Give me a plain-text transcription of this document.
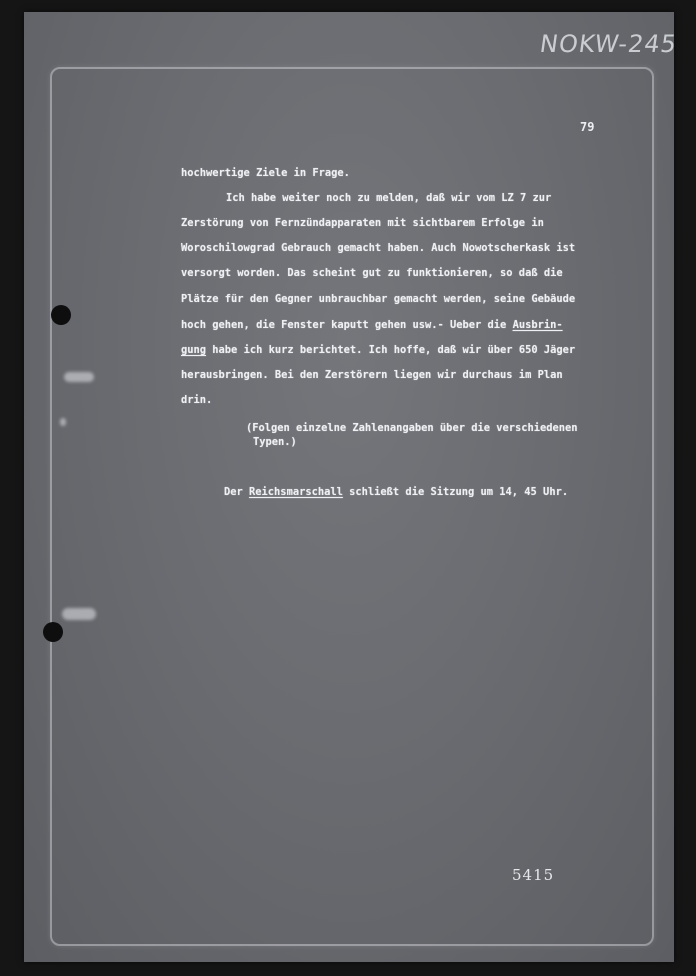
NOKW-245
79
hochwertige Ziele in Frage.
Ich habe weiter noch zu melden, daß wir vom LZ 7 zur
Zerstörung von Fernzündapparaten mit sichtbarem Erfolge in
Woroschilowgrad Gebrauch gemacht haben. Auch Nowotscherkask ist
versorgt worden. Das scheint gut zu funktionieren, so daß die
Plätze für den Gegner unbrauchbar gemacht werden, seine Gebäude
hoch gehen, die Fenster kaputt gehen usw.- Ueber die Ausbrin-
gung habe ich kurz berichtet. Ich hoffe, daß wir über 650 Jäger
herausbringen. Bei den Zerstörern liegen wir durchaus im Plan
drin.
(Folgen einzelne Zahlenangaben über die verschiedenen
Typen.)
Der Reichsmarschall schließt die Sitzung um 14, 45 Uhr.
5415
